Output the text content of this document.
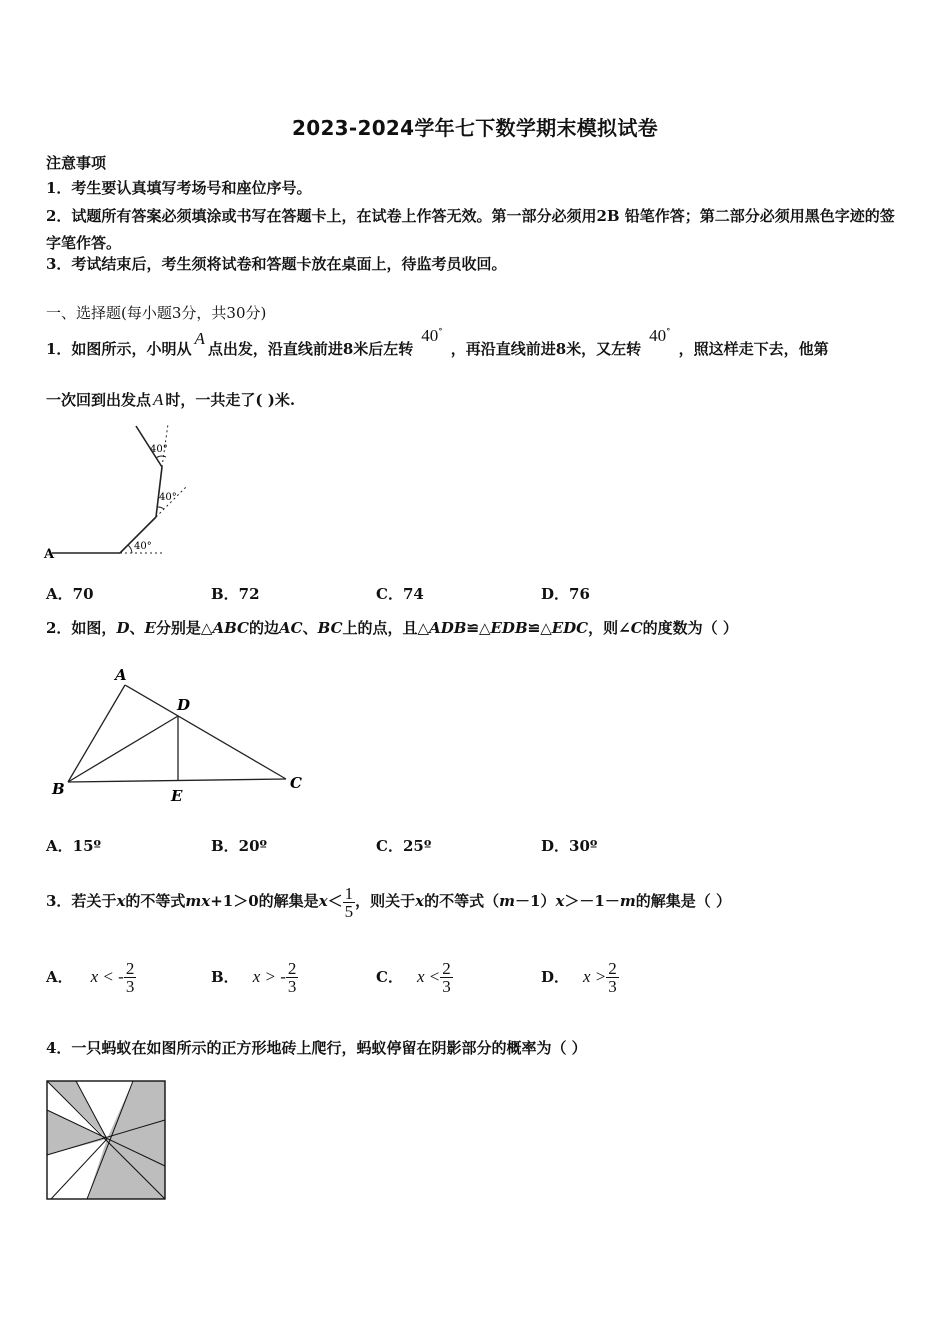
2023-2024学年七下数学期末模拟试卷
注意事项
1．考生要认真填写考场号和座位序号。
2．试题所有答案必须填涂或书写在答题卡上，在试卷上作答无效。第一部分必须用2B 铅笔作答；第二部分必须用黑色字迹的签字笔作答。
3．考试结束后，考生须将试卷和答题卡放在桌面上，待监考员收回。
一、选择题(每小题3分，共30分)
1．如图所示，小明从A点出发，沿直线前进8米后左转40∘，再沿直线前进8米，又左转40∘，照这样走下去，他第
一次回到出发点 A 时，一共走了( )米.
A
40°
40°
40°
A．70	B．72	C．74	D．76
2．如图，D、E分别是△ABC的边AC、BC上的点，且△ADB≌△EDB≌△EDC，则∠C的度数为（ ）
A
B	C
D
E
A．15º	B．20º	C．25º	D．30º
3．若关于x的不等式mx+1＞0的解集是$x< \frac{1}{5}$ ，则关于x的不等式（m－1）x＞－1－m的解集是（ ）
A． x < - $\frac{2}{3}$	B． x > - $\frac{2}{3}$	C． $x < \frac{2}{3}$	D． $x > \frac{2}{3}$
4．一只蚂蚁在如图所示的正方形地砖上爬行，蚂蚁停留在阴影部分的概率为（ ）
